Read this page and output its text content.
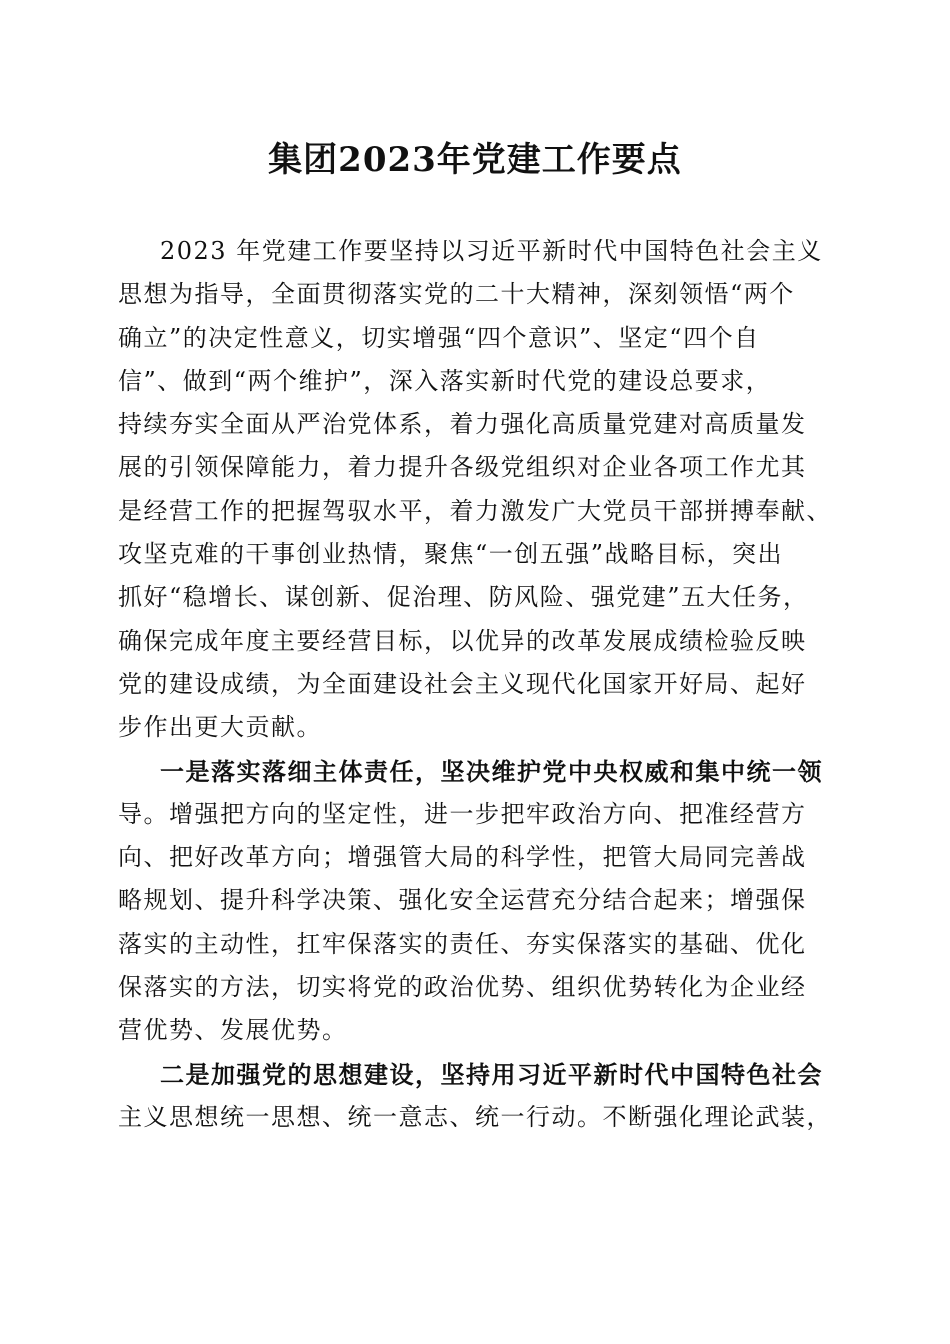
集团2023年党建工作要点
2023 年党建工作要坚持以习近平新时代中国特色社会主义
思想为指导，全面贯彻落实党的二十大精神，深刻领悟“两个
确立”的决定性意义，切实增强“四个意识”、坚定“四个自
信”、做到“两个维护”，深入落实新时代党的建设总要求，
持续夯实全面从严治党体系，着力强化高质量党建对高质量发
展的引领保障能力，着力提升各级党组织对企业各项工作尤其
是经营工作的把握驾驭水平，着力激发广大党员干部拼搏奉献、
攻坚克难的干事创业热情，聚焦“一创五强”战略目标，突出
抓好“稳增长、谋创新、促治理、防风险、强党建”五大任务，
确保完成年度主要经营目标，以优异的改革发展成绩检验反映
党的建设成绩，为全面建设社会主义现代化国家开好局、起好
步作出更大贡献。
一是落实落细主体责任，坚决维护党中央权威和集中统一领
导。增强把方向的坚定性，进一步把牢政治方向、把准经营方
向、把好改革方向；增强管大局的科学性，把管大局同完善战
略规划、提升科学决策、强化安全运营充分结合起来；增强保
落实的主动性，扛牢保落实的责任、夯实保落实的基础、优化
保落实的方法，切实将党的政治优势、组织优势转化为企业经
营优势、发展优势。
二是加强党的思想建设，坚持用习近平新时代中国特色社会
主义思想统一思想、统一意志、统一行动。不断强化理论武装，
